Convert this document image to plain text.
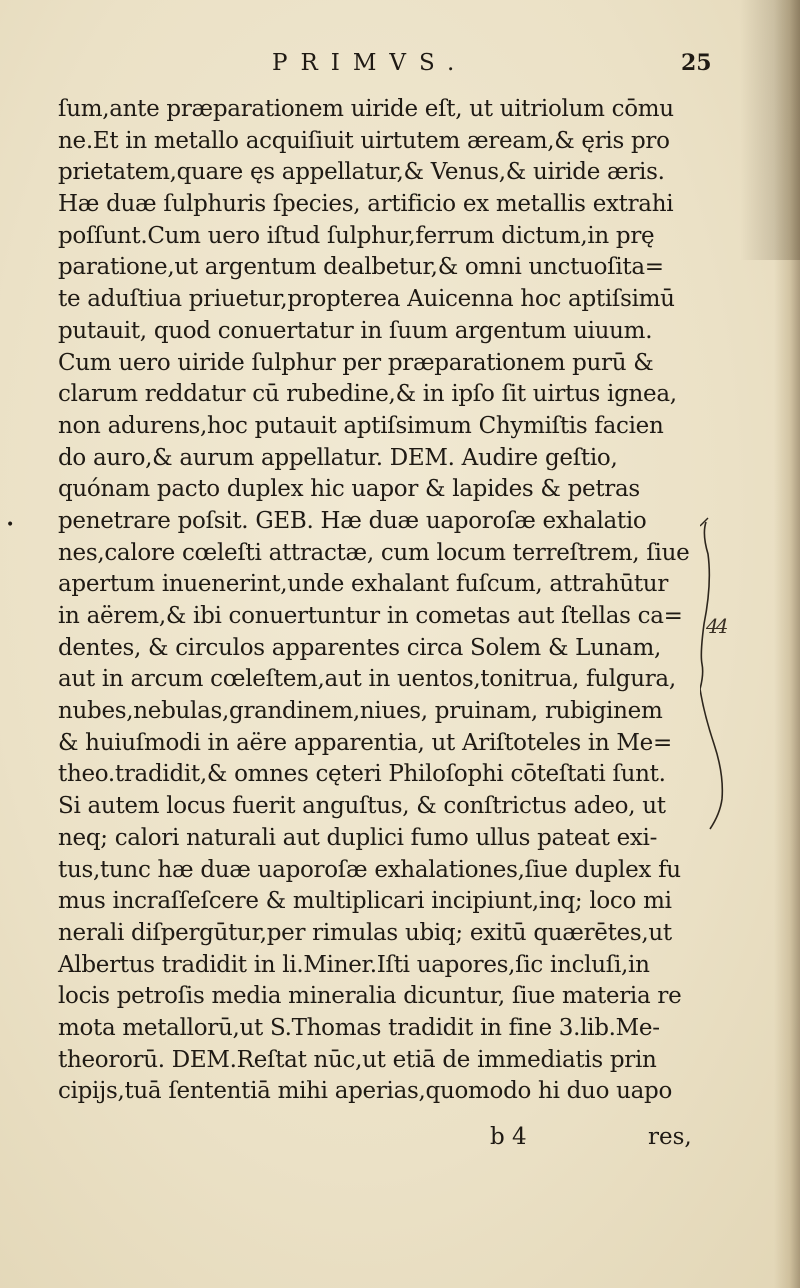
PRIMVS.	25
•
ſum,ante præparationem uiride eſt, ut uitriolum cōmu
ne.Et in metallo acquiſiuit uirtutem æream,& ęris pro
prietatem,quare ęs appellatur,& Venus,& uiride æris.
Hæ duæ ſulphuris ſpecies, artificio ex metallis extrahi
poſſunt.Cum uero iſtud ſulphur,ferrum dictum,in prę
paratione,ut argentum dealbetur,& omni unctuoſita=
te aduſtiua priuetur,propterea Auicenna hoc aptiſsimū
putauit, quod conuertatur in ſuum argentum uiuum.
Cum uero uiride ſulphur per præparationem purū &
clarum reddatur cū rubedine,& in ipſo ſit uirtus ignea,
non adurens,hoc putauit aptiſsimum Chymiſtis facien
do auro,& aurum appellatur. DEM. Audire geſtio,
quónam pacto duplex hic uapor & lapides & petras
penetrare poſsit. GEB. Hæ duæ uaporoſæ exhalatio
nes,calore cœleſti attractæ, cum locum terreſtrem, ſiue
apertum inuenerint,unde exhalant fuſcum, attrahūtur
in aërem,& ibi conuertuntur in cometas aut ſtellas ca=
dentes, & circulos apparentes circa Solem & Lunam,
aut in arcum cœleſtem,aut in uentos,tonitrua, fulgura,
nubes,nebulas,grandinem,niues, pruinam, rubiginem
& huiuſmodi in aëre apparentia, ut Ariſtoteles in Me=
theo.tradidit,& omnes cęteri Philoſophi cōteſtati ſunt.
Si autem locus fuerit anguſtus, & conſtrictus adeo, ut
neq; calori naturali aut duplici fumo ullus pateat exi-
tus,tunc hæ duæ uaporoſæ exhalationes,ſiue duplex fu
mus incraſſeſcere & multiplicari incipiunt,inq; loco mi
nerali diſpergūtur,per rimulas ubiq; exitū quærētes,ut
Albertus tradidit in li.Miner.Iſti uapores,ſic incluſi,in
locis petroſis media mineralia dicuntur, ſiue materia re
mota metallorū,ut S.Thomas tradidit in fine 3.lib.Me-
theororū. DEM.Reſtat nūc,ut etiā de immediatis prin
cipijs,tuā ſententiā mihi aperias,quomodo hi duo uapo
44
b 4	res,
